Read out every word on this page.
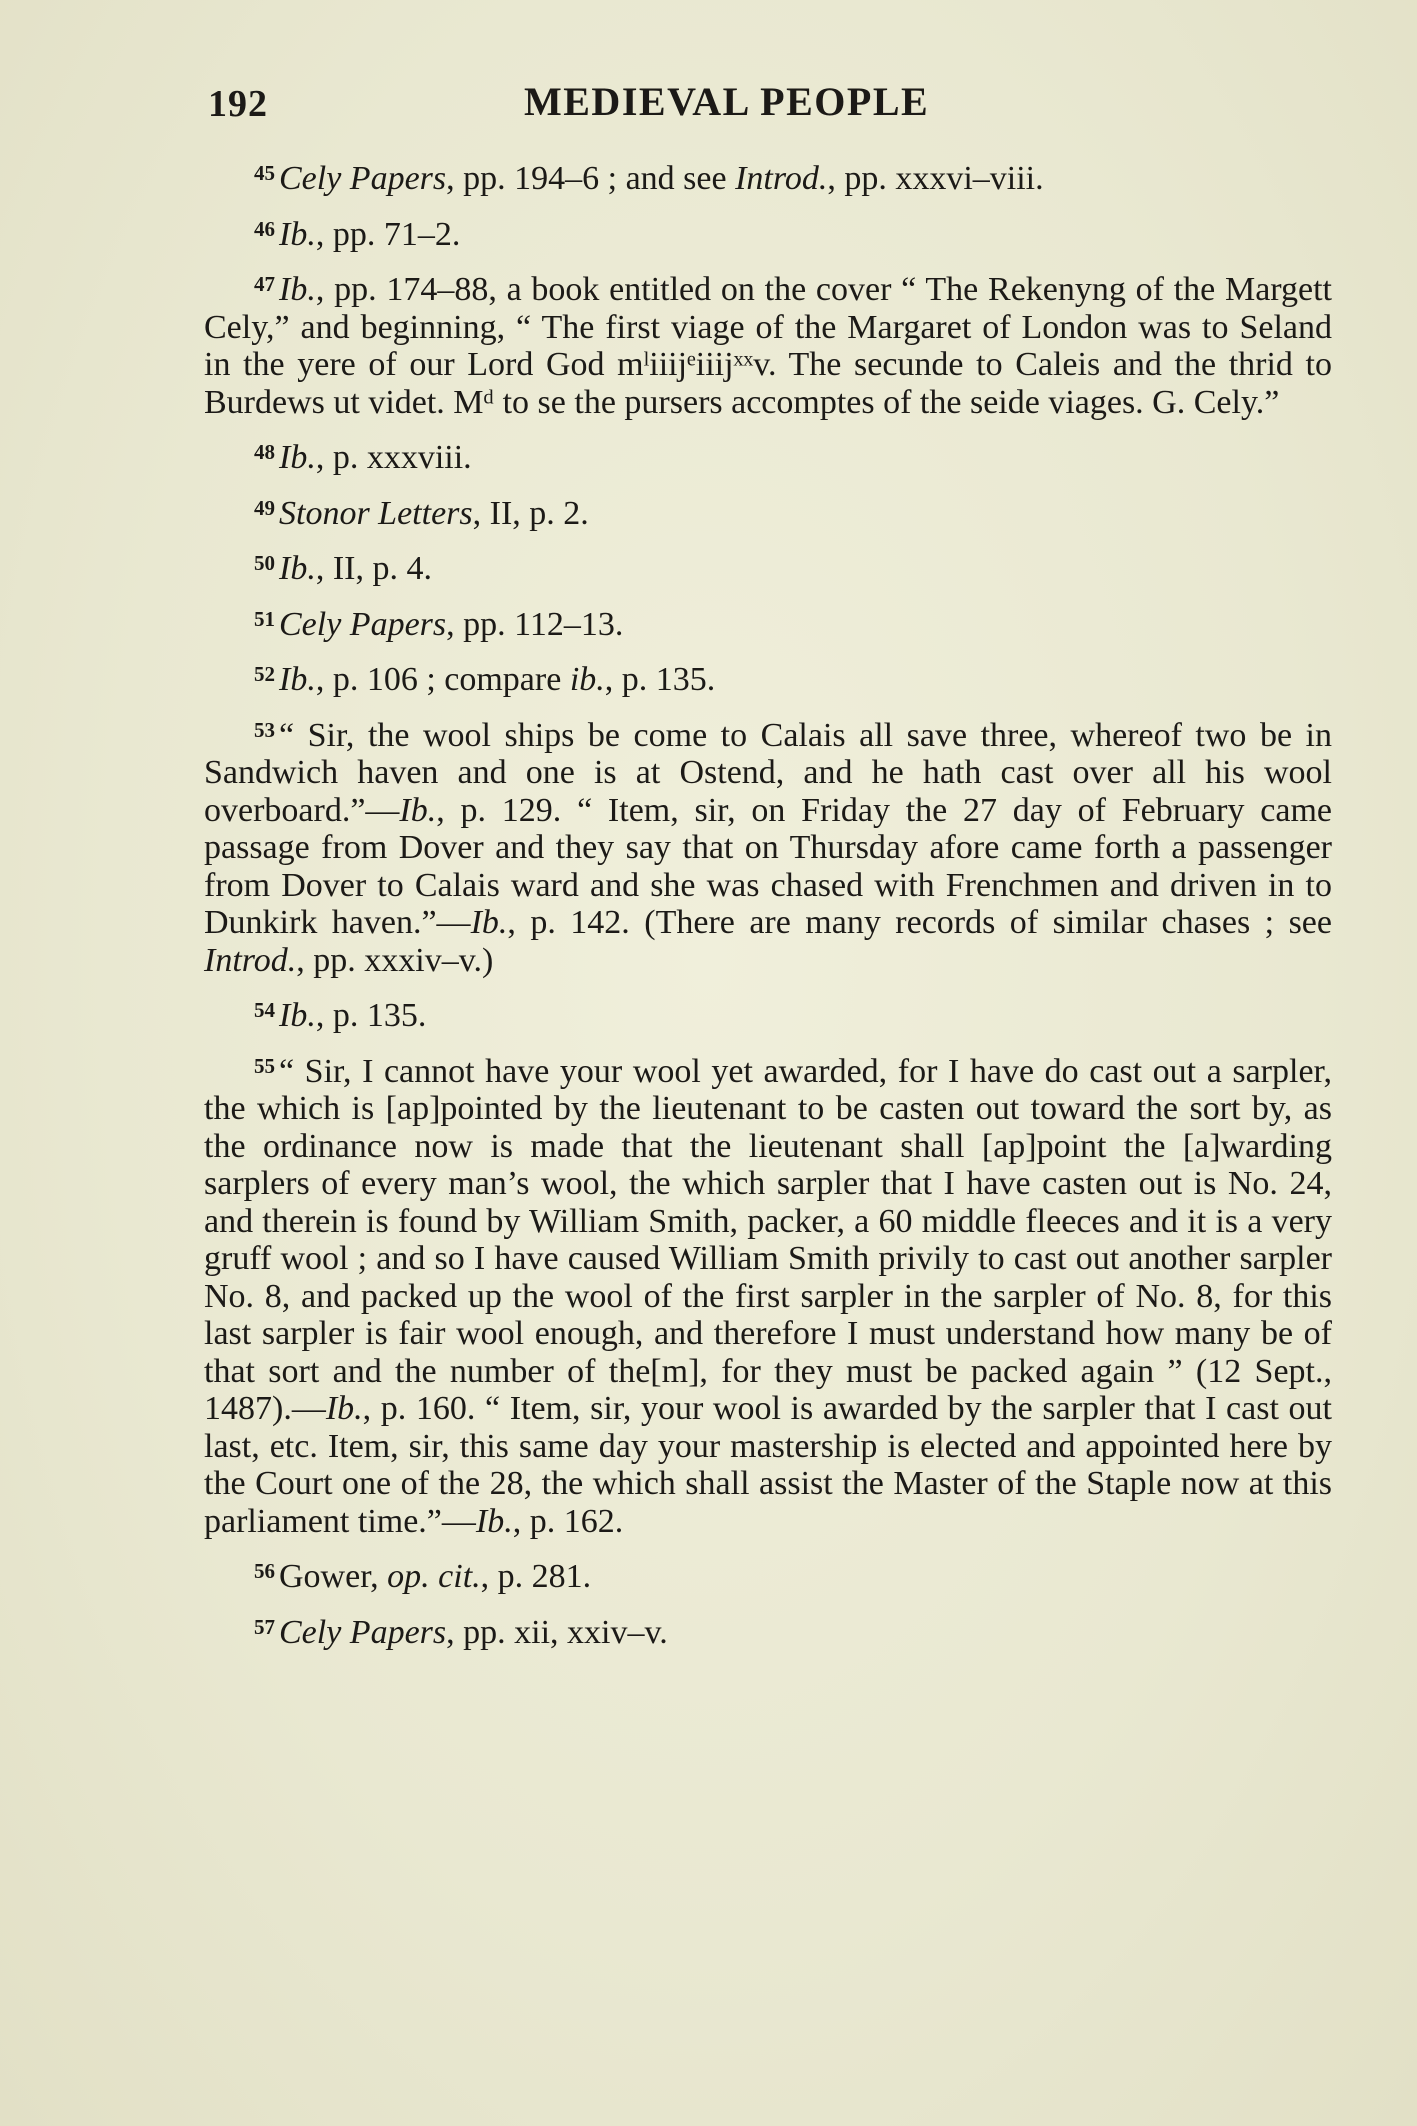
192	MEDIEVAL PEOPLE

$^{45}$ Cely Papers, pp. 194–6 ; and see Introd., pp. xxxvi–viii.

$^{46}$ Ib., pp. 71–2.

$^{47}$ Ib., pp. 174–88, a book entitled on the cover “ The Rekenyng of the Margett Cely,” and beginning, “ The first viage of the Margaret of London was to Seland in the yere of our Lord God mˡiiijᵉiiijˣˣv. The secunde to Caleis and the thrid to Burdews ut videt. Mᵈ to se the pursers accomptes of the seide viages. G. Cely.”

$^{48}$ Ib., p. xxxviii.

$^{49}$ Stonor Letters, II, p. 2.

$^{50}$ Ib., II, p. 4.

$^{51}$ Cely Papers, pp. 112–13.

$^{52}$ Ib., p. 106 ; compare ib., p. 135.

$^{53}$ “ Sir, the wool ships be come to Calais all save three, whereof two be in Sandwich haven and one is at Ostend, and he hath cast over all his wool overboard.”—Ib., p. 129. “ Item, sir, on Friday the 27 day of February came passage from Dover and they say that on Thursday afore came forth a passenger from Dover to Calais ward and she was chased with Frenchmen and driven in to Dunkirk haven.”—Ib., p. 142. (There are many records of similar chases ; see Introd., pp. xxxiv–v.)

$^{54}$ Ib., p. 135.

$^{55}$ “ Sir, I cannot have your wool yet awarded, for I have do cast out a sarpler, the which is [ap]pointed by the lieutenant to be casten out toward the sort by, as the ordinance now is made that the lieutenant shall [ap]point the [a]warding sarplers of every man’s wool, the which sarpler that I have casten out is No. 24, and therein is found by William Smith, packer, a 60 middle fleeces and it is a very gruff wool ; and so I have caused William Smith privily to cast out another sarpler No. 8, and packed up the wool of the first sarpler in the sarpler of No. 8, for this last sarpler is fair wool enough, and therefore I must understand how many be of that sort and the number of the[m], for they must be packed again ” (12 Sept., 1487).—Ib., p. 160. “ Item, sir, your wool is awarded by the sarpler that I cast out last, etc. Item, sir, this same day your mastership is elected and appointed here by the Court one of the 28, the which shall assist the Master of the Staple now at this parliament time.”—Ib., p. 162.

$^{56}$ Gower, op. cit., p. 281.

$^{57}$ Cely Papers, pp. xii, xxiv–v.
